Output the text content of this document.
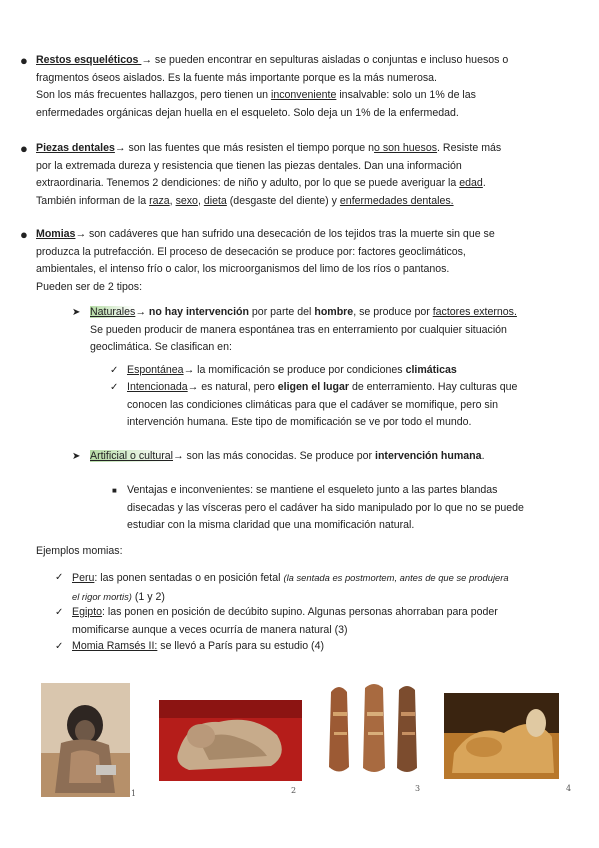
● Restos esqueléticos → se pueden encontrar en sepulturas aisladas o conjuntas e incluso huesos o
fragmentos óseos aislados. Es la fuente más importante porque es la más numerosa.
Son los más frecuentes hallazgos, pero tienen un inconveniente insalvable: solo un 1% de las
enfermedades orgánicas dejan huella en el esqueleto. Solo deja un 1% de la enfermedad.
● Piezas dentales→ son las fuentes que más resisten el tiempo porque no son huesos. Resiste más
por la extremada dureza y resistencia que tienen las piezas dentales. Dan una información
extraordinaria. Tenemos 2 dendiciones: de niño y adulto, por lo que se puede averiguar la edad.
También informan de la raza, sexo, dieta (desgaste del diente) y enfermedades dentales.
● Momias→ son cadáveres que han sufrido una desecación de los tejidos tras la muerte sin que se
produzca la putrefacción. El proceso de desecación se produce por: factores geoclimáticos,
ambientales, el intenso frío o calor, los microorganismos del limo de los ríos o pantanos.
Pueden ser de 2 tipos:
➤ Naturales→ no hay intervención por parte del hombre, se produce por factores externos.
Se pueden producir de manera espontánea tras en enterramiento por cualquier situación
geoclimática. Se clasifican en:
✓ Espontánea→ la momificación se produce por condiciones climáticas
✓ Intencionada→ es natural, pero eligen el lugar de enterramiento. Hay culturas que
conocen las condiciones climáticas para que el cadáver se momifique, pero sin
intervención humana. Este tipo de momificación se ve por todo el mundo.
➤ Artificial o cultural→ son las más conocidas. Se produce por intervención humana.
■ Ventajas e inconvenientes: se mantiene el esqueleto junto a las partes blandas
disecadas y las vísceras pero el cadáver ha sido manipulado por lo que no se puede
estudiar con la misma claridad que una momificación natural.
Ejemplos momias:
✓ Peru: las ponen sentadas o en posición fetal (la sentada es postmortem, antes de que se produjera
el rigor mortis) (1 y 2)
✓ Egipto: las ponen en posición de decúbito supino. Algunas personas ahorraban para poder
momificarse aunque a veces ocurría de manera natural (3)
✓ Momia Ramsés II: se llevó a París para su estudio (4)
1	2	3	4
